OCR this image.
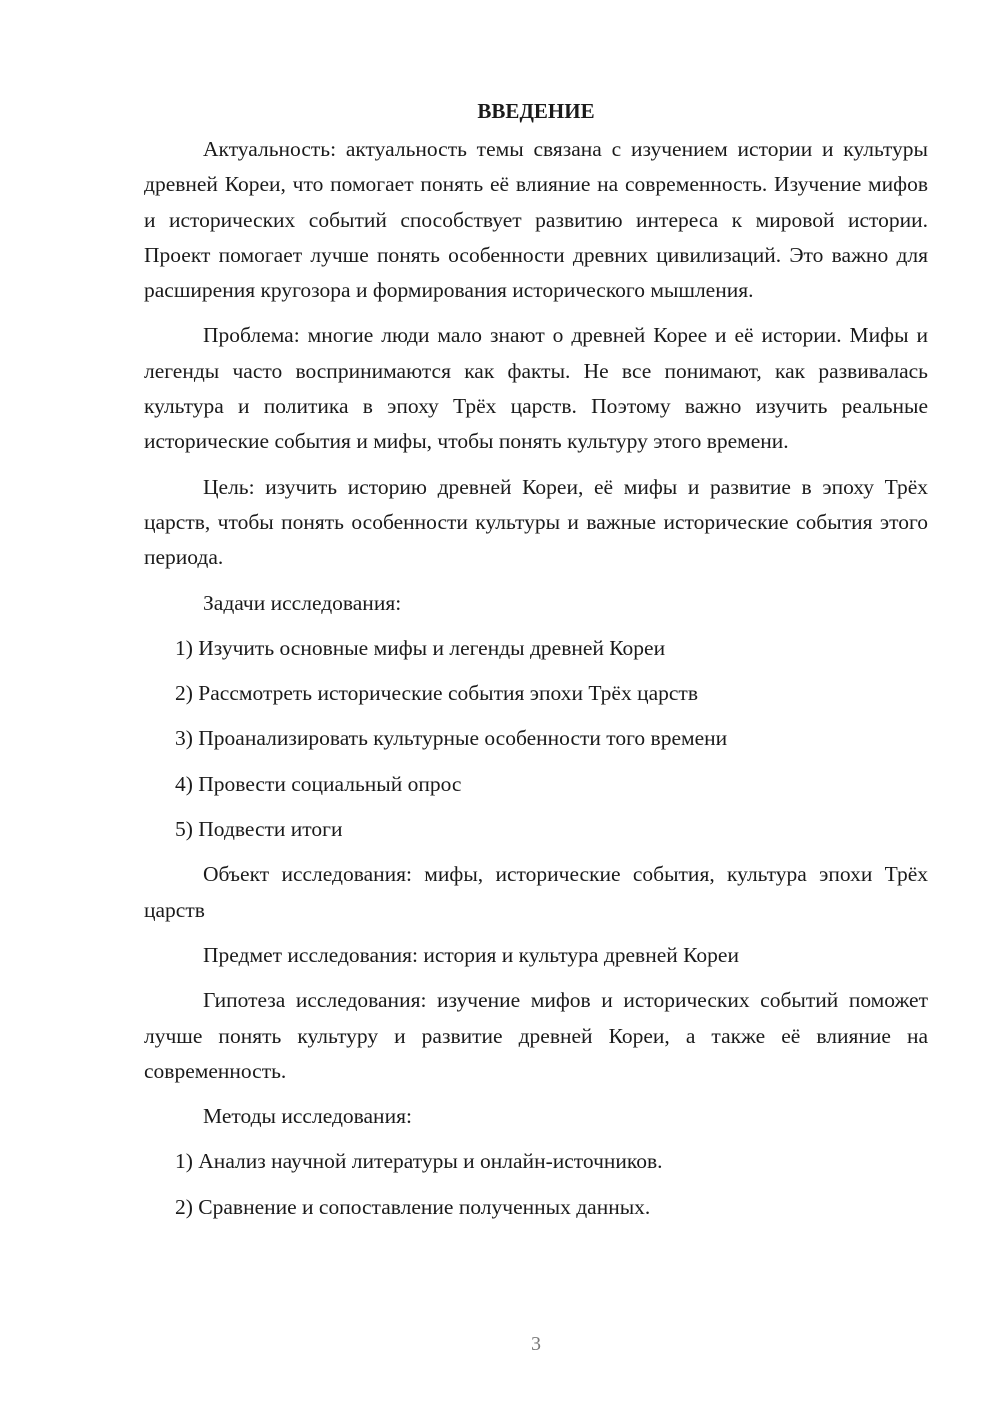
ВВЕДЕНИЕ

Актуальность: актуальность темы связана с изучением истории и культуры древней Кореи, что помогает понять её влияние на современность. Изучение мифов и исторических событий способствует развитию интереса к мировой истории. Проект помогает лучше понять особенности древних цивилизаций. Это важно для расширения кругозора и формирования исторического мышления.

Проблема: многие люди мало знают о древней Корее и её истории. Мифы и легенды часто воспринимаются как факты. Не все понимают, как развивалась культура и политика в эпоху Трёх царств. Поэтому важно изучить реальные исторические события и мифы, чтобы понять культуру этого времени.

Цель: изучить историю древней Кореи, её мифы и развитие в эпоху Трёх царств, чтобы понять особенности культуры и важные исторические события этого периода.

Задачи исследования:
1) Изучить основные мифы и легенды древней Кореи
2) Рассмотреть исторические события эпохи Трёх царств
3) Проанализировать культурные особенности того времени
4) Провести социальный опрос
5) Подвести итоги

Объект исследования: мифы, исторические события, культура эпохи Трёх царств

Предмет исследования: история и культура древней Кореи

Гипотеза исследования: изучение мифов и исторических событий поможет лучше понять культуру и развитие древней Кореи, а также её влияние на современность.

Методы исследования:
1) Анализ научной литературы и онлайн-источников.
2) Сравнение и сопоставление полученных данных.
3
